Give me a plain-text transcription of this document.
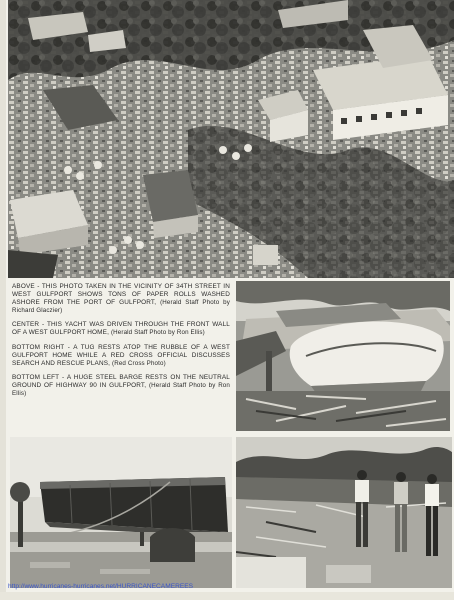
ABOVE - THIS PHOTO TAKEN IN THE VICINITY OF 34TH STREET IN WEST GULFPORT SHOWS TONS OF PAPER ROLLS WASHED ASHORE FROM THE PORT OF GULFPORT, (Herald Staff Photo by Richard Glaczier)

CENTER - THIS YACHT WAS DRIVEN THROUGH THE FRONT WALL OF A WEST GULFPORT HOME, (Herald Staff Photo by Ron Ellis)

BOTTOM RIGHT - A TUG RESTS ATOP THE RUBBLE OF A WEST GULFPORT HOME WHILE A RED CROSS OFFICIAL DISCUSSES SEARCH AND RESCUE PLANS, (Red Cross Photo)

BOTTOM LEFT - A HUGE STEEL BARGE RESTS ON THE NEUTRAL GROUND OF HIGHWAY 90 IN GULFPORT, (Herald Staff Photo by Ron Ellis)

http://www.hurricanes-hurricanes.net/HURRICANECAMEREES
